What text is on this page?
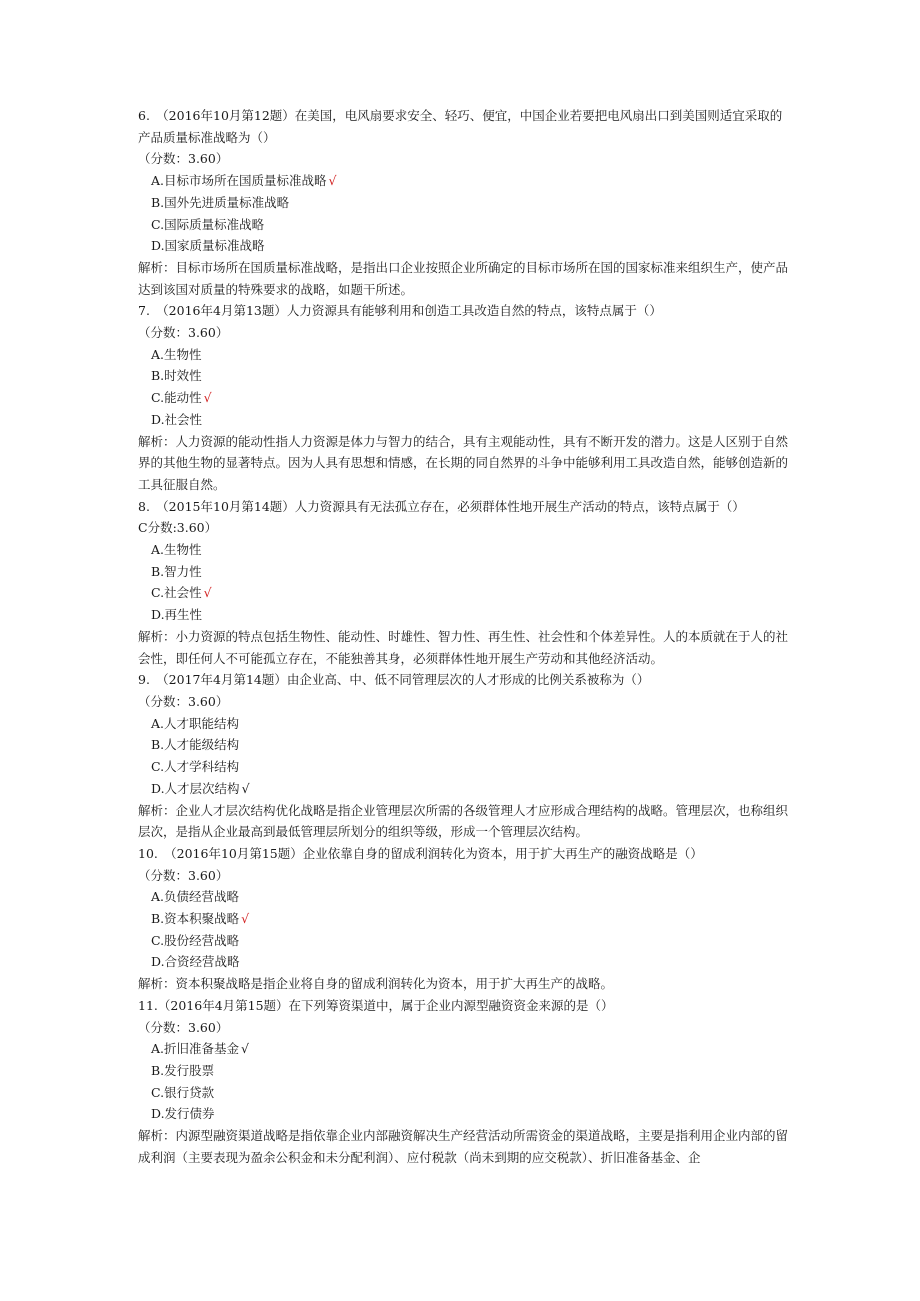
6.　（2016年10月第12题）在美国，电风扇要求安全、轻巧、便宜，中国企业若要把电风扇出口到美国则适宜采取的产品质量标准战略为（）

（分数：3.60）

A.目标市场所在国质量标准战略 √
B.国外先进质量标准战略
C.国际质量标准战略
D.国家质量标准战略

解析：目标市场所在国质量标准战略，是指出口企业按照企业所确定的目标市场所在国的国家标准来组织生产，使产品达到该国对质量的特殊要求的战略，如题干所述。

7.　（2016年4月第13题）人力资源具有能够利用和创造工具改造自然的特点，该特点属于（）

（分数：3.60）

A.生物性
B.时效性
C.能动性 √
D.社会性

解析：人力资源的能动性指人力资源是体力与智力的结合，具有主观能动性，具有不断开发的潜力。这是人区别于自然界的其他生物的显著特点。因为人具有思想和情感，在长期的同自然界的斗争中能够利用工具改造自然，能够创造新的工具征服自然。

8.　（2015年10月第14题）人力资源具有无法孤立存在，必须群体性地开展生产活动的特点，该特点属于（）

C分数:3.60）

A.生物性
B.智力性
C.社会性 √
D.再生性

解析：小力资源的特点包括生物性、能动性、时雄性、智力性、再生性、社会性和个体差异性。人的本质就在于人的社会性，即任何人不可能孤立存在，不能独善其身，必须群体性地开展生产劳动和其他经济活动。

9.　（2017年4月第14题）由企业高、中、低不同管理层次的人才形成的比例关系被称为（）

（分数：3.60）

A.人才职能结构
B.人才能级结构
C.人才学科结构
D.人才层次结构 √

解析：企业人才层次结构优化战略是指企业管理层次所需的各级管理人才应形成合理结构的战略。管理层次，也称组织层次，是指从企业最高到最低管理层所划分的组织等级，形成一个管理层次结构。

10.　（2016年10月第15题）企业依靠自身的留成利润转化为资本，用于扩大再生产的融资战略是（）

（分数：3.60）

A.负债经营战略
B.资本积聚战略 √
C.股份经营战略
D.合资经营战略

解析：资本积聚战略是指企业将自身的留成利润转化为资本，用于扩大再生产的战略。

11.（2016年4月第15题）在下列筹资渠道中，属于企业内源型融资资金来源的是（）

（分数：3.60）

A.折旧准备基金 √
B.发行股票
C.银行贷款
D.发行债券

解析：内源型融资渠道战略是指依靠企业内部融资解决生产经营活动所需资金的渠道战略，主要是指利用企业内部的留成利润（主要表现为盈余公积金和未分配利润）、应付税款（尚未到期的应交税款）、折旧准备基金、企
